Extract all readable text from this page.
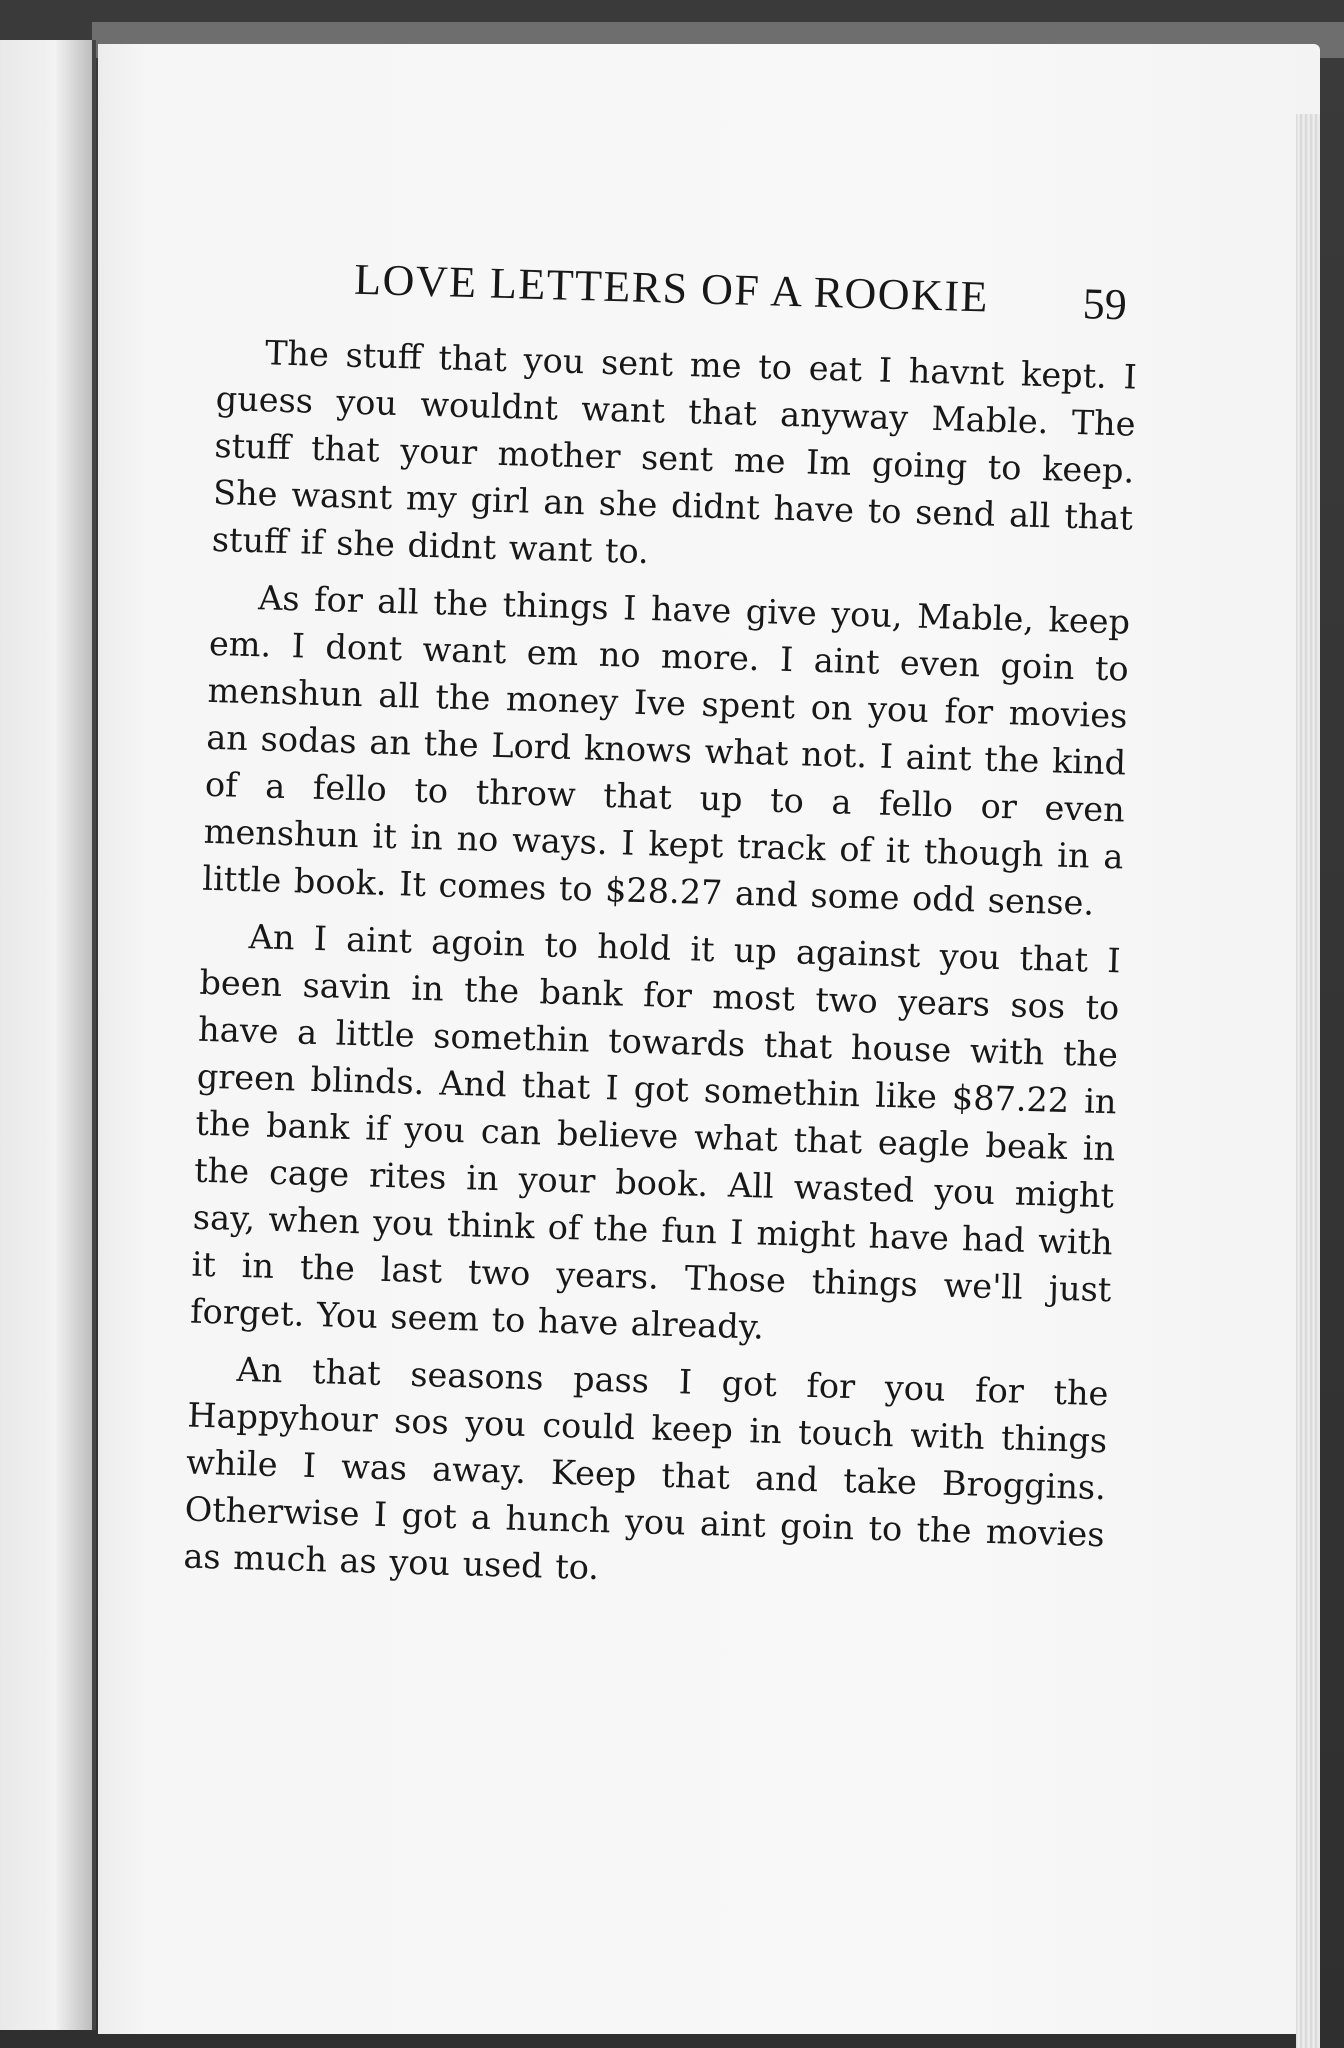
LOVE LETTERS OF A ROOKIE 59

The stuff that you sent me to eat I havnt kept. I guess you wouldnt want that anyway Mable. The stuff that your mother sent me Im going to keep. She wasnt my girl an she didnt have to send all that stuff if she didnt want to.

As for all the things I have give you, Mable, keep em. I dont want em no more. I aint even goin to menshun all the money Ive spent on you for movies an sodas an the Lord knows what not. I aint the kind of a fello to throw that up to a fello or even menshun it in no ways. I kept track of it though in a little book. It comes to $28.27 and some odd sense.

An I aint agoin to hold it up against you that I been savin in the bank for most two years sos to have a little somethin towards that house with the green blinds. And that I got somethin like $87.22 in the bank if you can believe what that eagle beak in the cage rites in your book. All wasted you might say, when you think of the fun I might have had with it in the last two years. Those things we'll just forget. You seem to have already.

An that seasons pass I got for you for the Happyhour sos you could keep in touch with things while I was away. Keep that and take Broggins. Otherwise I got a hunch you aint goin to the movies as much as you used to.
